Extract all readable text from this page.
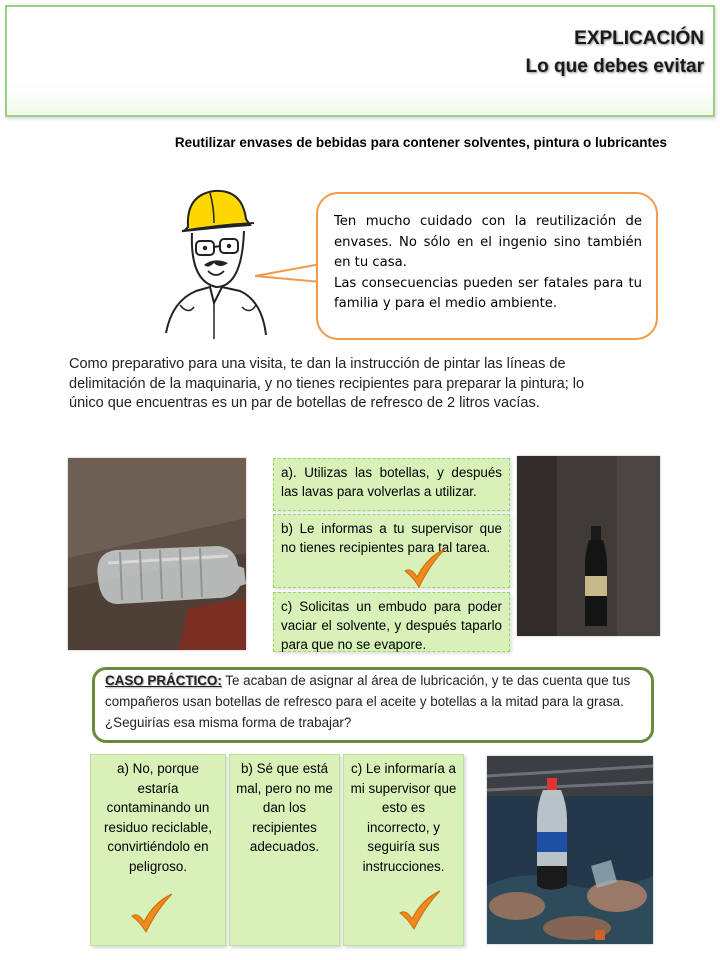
EXPLICACIÓN
Lo que debes evitar
Reutilizar envases de bebidas para contener solventes, pintura o lubricantes

Ten mucho cuidado con la reutilización de envases. No sólo en el ingenio sino también en tu casa.

Las consecuencias pueden ser fatales para tu familia y para el medio ambiente.

Como preparativo para una visita, te dan la instrucción de pintar las líneas de delimitación de la maquinaria, y no tienes recipientes para preparar la pintura; lo único que encuentras es un par de botellas de refresco de 2 litros vacías.
a). Utilizas las botellas, y después las lavas para volverlas a utilizar.
b) Le informas a tu supervisor que no tienes recipientes para tal tarea.
c) Solicitas un embudo para poder vaciar el solvente, y después taparlo para que no se evapore.
CASO PRÁCTICO: Te acaban de asignar al área de lubricación, y te das cuenta que tus compañeros usan botellas de refresco para el aceite y botellas a la mitad para la grasa. ¿Seguirías esa misma forma de trabajar?
a) No, porque estaría contaminando un residuo reciclable, convirtiéndolo en peligroso.
b) Sé que está mal, pero no me dan los recipientes adecuados.
c) Le informaría a mi supervisor que esto es incorrecto, y seguiría sus instrucciones.
